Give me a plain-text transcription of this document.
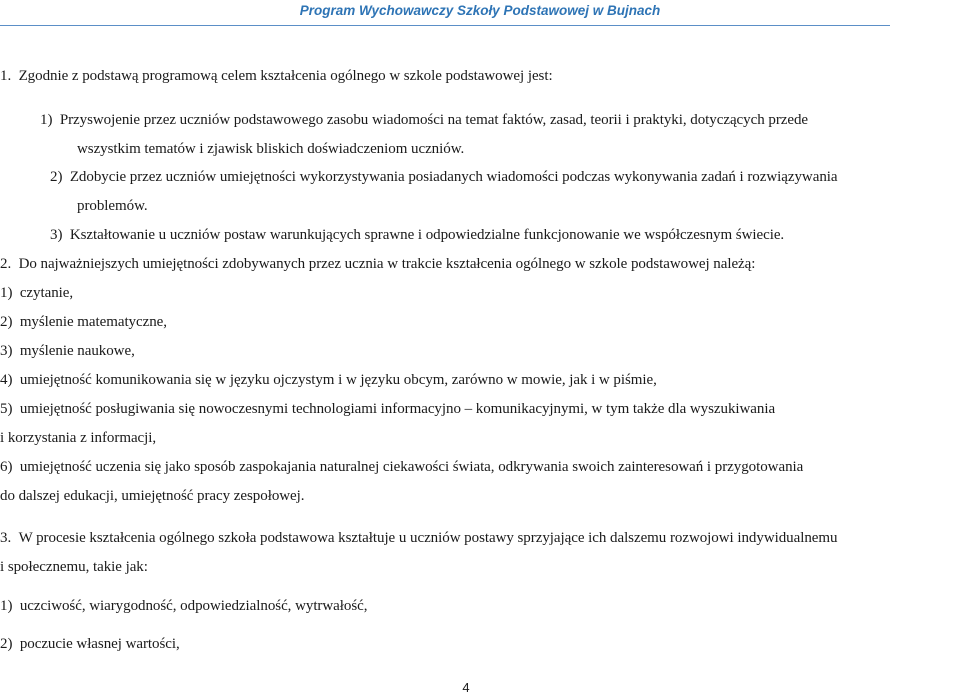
Program Wychowawczy Szkoły Podstawowej w Bujnach
1. Zgodnie z podstawą programową celem kształcenia ogólnego w szkole podstawowej jest:
1) Przyswojenie przez uczniów podstawowego zasobu wiadomości na temat faktów, zasad, teorii i praktyki, dotyczących przede
wszystkim tematów i zjawisk bliskich doświadczeniom uczniów.
2) Zdobycie przez uczniów umiejętności wykorzystywania posiadanych wiadomości podczas wykonywania zadań i rozwiązywania
problemów.
3) Kształtowanie u uczniów postaw warunkujących sprawne i odpowiedzialne funkcjonowanie we współczesnym świecie.
2. Do najważniejszych umiejętności zdobywanych przez ucznia w trakcie kształcenia ogólnego w szkole podstawowej należą:
1) czytanie,
2) myślenie matematyczne,
3) myślenie naukowe,
4) umiejętność komunikowania się w języku ojczystym i w języku obcym, zarówno w mowie, jak i w piśmie,
5) umiejętność posługiwania się nowoczesnymi technologiami informacyjno – komunikacyjnymi, w tym także dla wyszukiwania
i korzystania z informacji,
6) umiejętność uczenia się jako sposób zaspokajania naturalnej ciekawości świata, odkrywania swoich zainteresowań i przygotowania
do dalszej edukacji, umiejętność pracy zespołowej.
3. W procesie kształcenia ogólnego szkoła podstawowa kształtuje u uczniów postawy sprzyjające ich dalszemu rozwojowi indywidualnemu
i społecznemu, takie jak:
1) uczciwość, wiarygodność, odpowiedzialność, wytrwałość,
2) poczucie własnej wartości,
4
